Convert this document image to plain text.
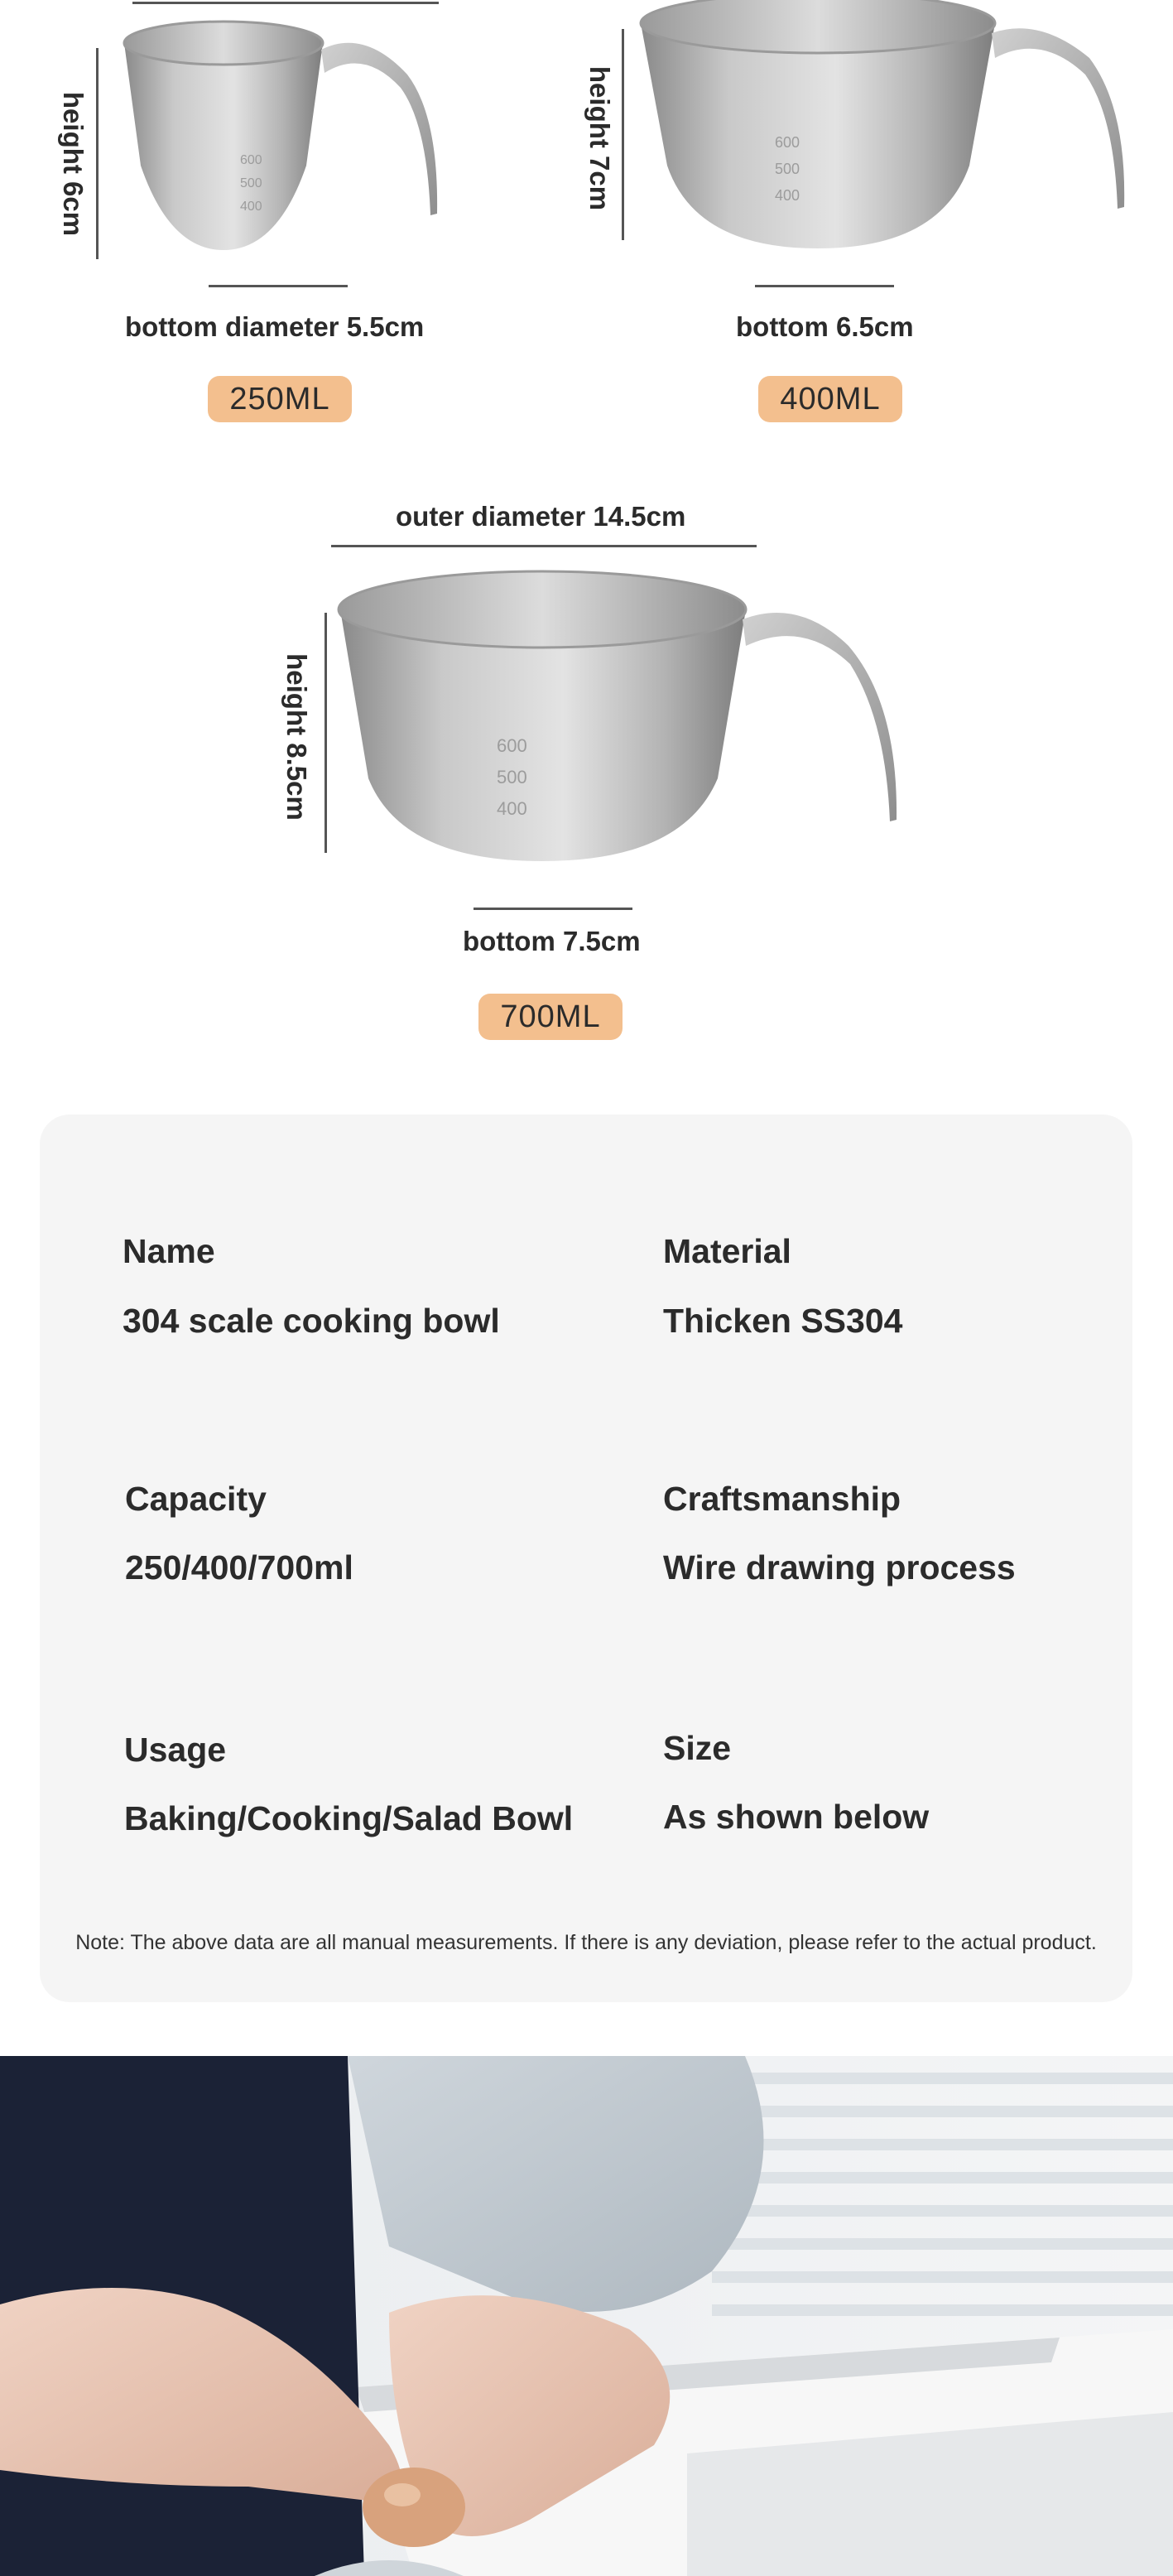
height 6cm	600
500
400
bottom diameter 5.5cm
250ML
height 7cm	600
500
400
bottom 6.5cm
400ML
outer diameter 14.5cm
height 8.5cm	600
500
400
bottom 7.5cm
700ML
Name
304 scale cooking bowl
Material
Thicken SS304
Capacity
250/400/700ml
Craftsmanship
Wire drawing process
Usage
Baking/Cooking/Salad Bowl
Size
As shown below
Note: The above data are all manual measurements. If there is any deviation, please refer to the actual product.
